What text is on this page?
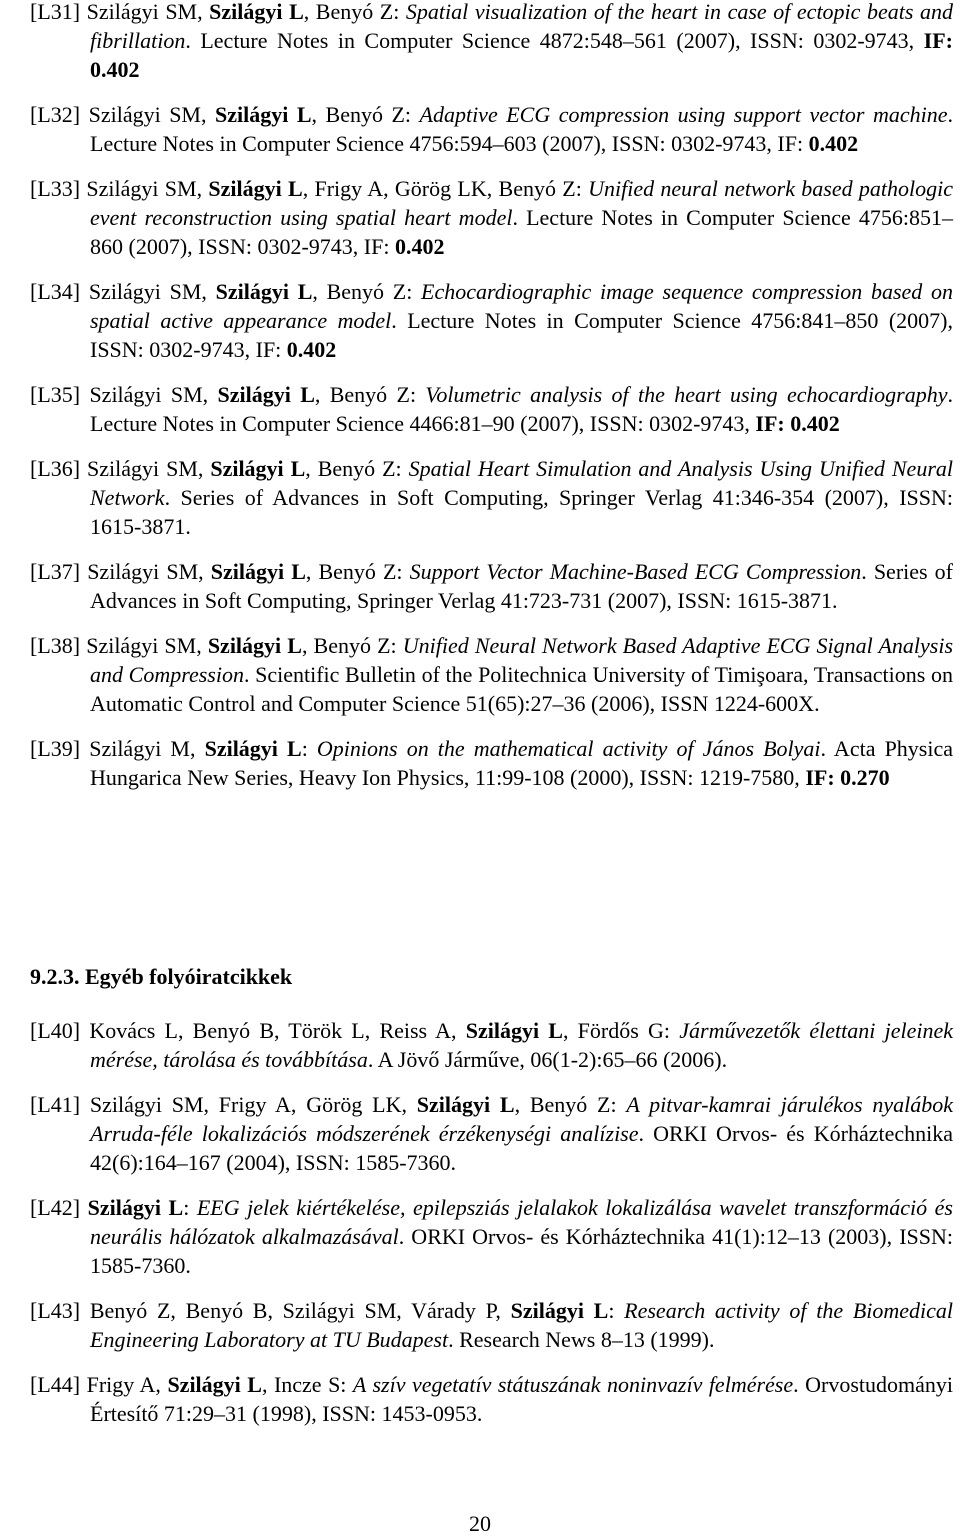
[L31] Szilágyi SM, Szilágyi L, Benyó Z: Spatial visualization of the heart in case of ectopic beats and fibrillation. Lecture Notes in Computer Science 4872:548–561 (2007), ISSN: 0302-9743, IF: 0.402

[L32] Szilágyi SM, Szilágyi L, Benyó Z: Adaptive ECG compression using support vector machine. Lecture Notes in Computer Science 4756:594–603 (2007), ISSN: 0302-9743, IF: 0.402

[L33] Szilágyi SM, Szilágyi L, Frigy A, Görög LK, Benyó Z: Unified neural network based pathologic event reconstruction using spatial heart model. Lecture Notes in Computer Science 4756:851–860 (2007), ISSN: 0302-9743, IF: 0.402

[L34] Szilágyi SM, Szilágyi L, Benyó Z: Echocardiographic image sequence compression based on spatial active appearance model. Lecture Notes in Computer Science 4756:841–850 (2007), ISSN: 0302-9743, IF: 0.402

[L35] Szilágyi SM, Szilágyi L, Benyó Z: Volumetric analysis of the heart using echocardiography. Lecture Notes in Computer Science 4466:81–90 (2007), ISSN: 0302-9743, IF: 0.402

[L36] Szilágyi SM, Szilágyi L, Benyó Z: Spatial Heart Simulation and Analysis Using Unified Neural Network. Series of Advances in Soft Computing, Springer Verlag 41:346-354 (2007), ISSN: 1615-3871.

[L37] Szilágyi SM, Szilágyi L, Benyó Z: Support Vector Machine-Based ECG Compression. Series of Advances in Soft Computing, Springer Verlag 41:723-731 (2007), ISSN: 1615-3871.

[L38] Szilágyi SM, Szilágyi L, Benyó Z: Unified Neural Network Based Adaptive ECG Signal Analysis and Compression. Scientific Bulletin of the Politechnica University of Timişoara, Transactions on Automatic Control and Computer Science 51(65):27–36 (2006), ISSN 1224-600X.

[L39] Szilágyi M, Szilágyi L: Opinions on the mathematical activity of János Bolyai. Acta Physica Hungarica New Series, Heavy Ion Physics, 11:99-108 (2000), ISSN: 1219-7580, IF: 0.270

9.2.3. Egyéb folyóiratcikkek

[L40] Kovács L, Benyó B, Török L, Reiss A, Szilágyi L, Fördős G: Járművezetők élettani jeleinek mérése, tárolása és továbbítása. A Jövő Járműve, 06(1-2):65–66 (2006).

[L41] Szilágyi SM, Frigy A, Görög LK, Szilágyi L, Benyó Z: A pitvar-kamrai járulékos nyalábok Arruda-féle lokalizációs módszerének érzékenységi analízise. ORKI Orvos- és Kórháztechnika 42(6):164–167 (2004), ISSN: 1585-7360.

[L42] Szilágyi L: EEG jelek kiértékelése, epilepsziás jelalakok lokalizálása wavelet transzformáció és neurális hálózatok alkalmazásával. ORKI Orvos- és Kórháztechnika 41(1):12–13 (2003), ISSN: 1585-7360.

[L43] Benyó Z, Benyó B, Szilágyi SM, Várady P, Szilágyi L: Research activity of the Biomedical Engineering Laboratory at TU Budapest. Research News 8–13 (1999).

[L44] Frigy A, Szilágyi L, Incze S: A szív vegetatív státuszának noninvazív felmérése. Orvostudományi Értesítő 71:29–31 (1998), ISSN: 1453-0953.

20
